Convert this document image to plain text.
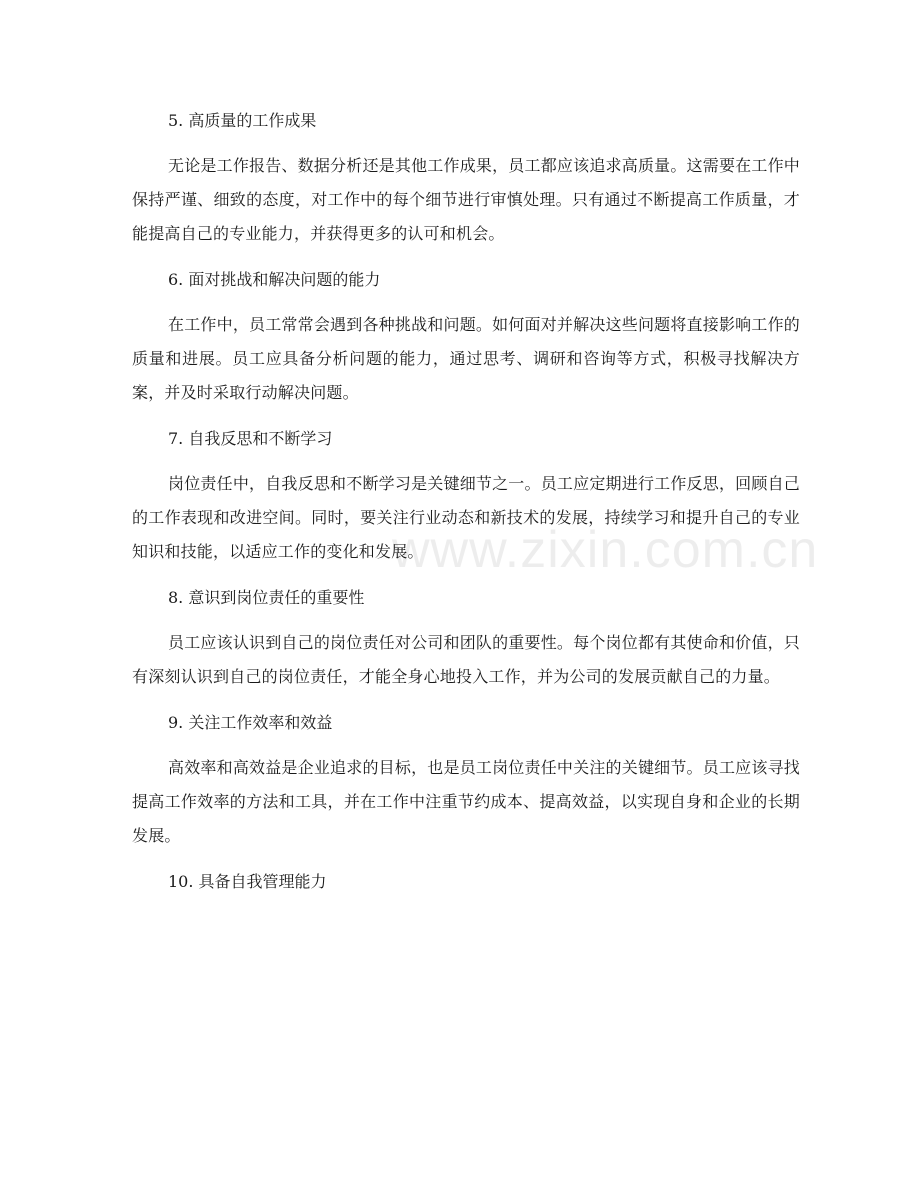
5. 高质量的工作成果

无论是工作报告、数据分析还是其他工作成果，员工都应该追求高质量。这需要在工作中保持严谨、细致的态度，对工作中的每个细节进行审慎处理。只有通过不断提高工作质量，才能提高自己的专业能力，并获得更多的认可和机会。

6. 面对挑战和解决问题的能力

在工作中，员工常常会遇到各种挑战和问题。如何面对并解决这些问题将直接影响工作的质量和进展。员工应具备分析问题的能力，通过思考、调研和咨询等方式，积极寻找解决方案，并及时采取行动解决问题。

7. 自我反思和不断学习

岗位责任中，自我反思和不断学习是关键细节之一。员工应定期进行工作反思，回顾自己的工作表现和改进空间。同时，要关注行业动态和新技术的发展，持续学习和提升自己的专业知识和技能，以适应工作的变化和发展。

8. 意识到岗位责任的重要性

员工应该认识到自己的岗位责任对公司和团队的重要性。每个岗位都有其使命和价值，只有深刻认识到自己的岗位责任，才能全身心地投入工作，并为公司的发展贡献自己的力量。

9. 关注工作效率和效益

高效率和高效益是企业追求的目标，也是员工岗位责任中关注的关键细节。员工应该寻找提高工作效率的方法和工具，并在工作中注重节约成本、提高效益，以实现自身和企业的长期发展。

10. 具备自我管理能力
www.zixin.com.cn
